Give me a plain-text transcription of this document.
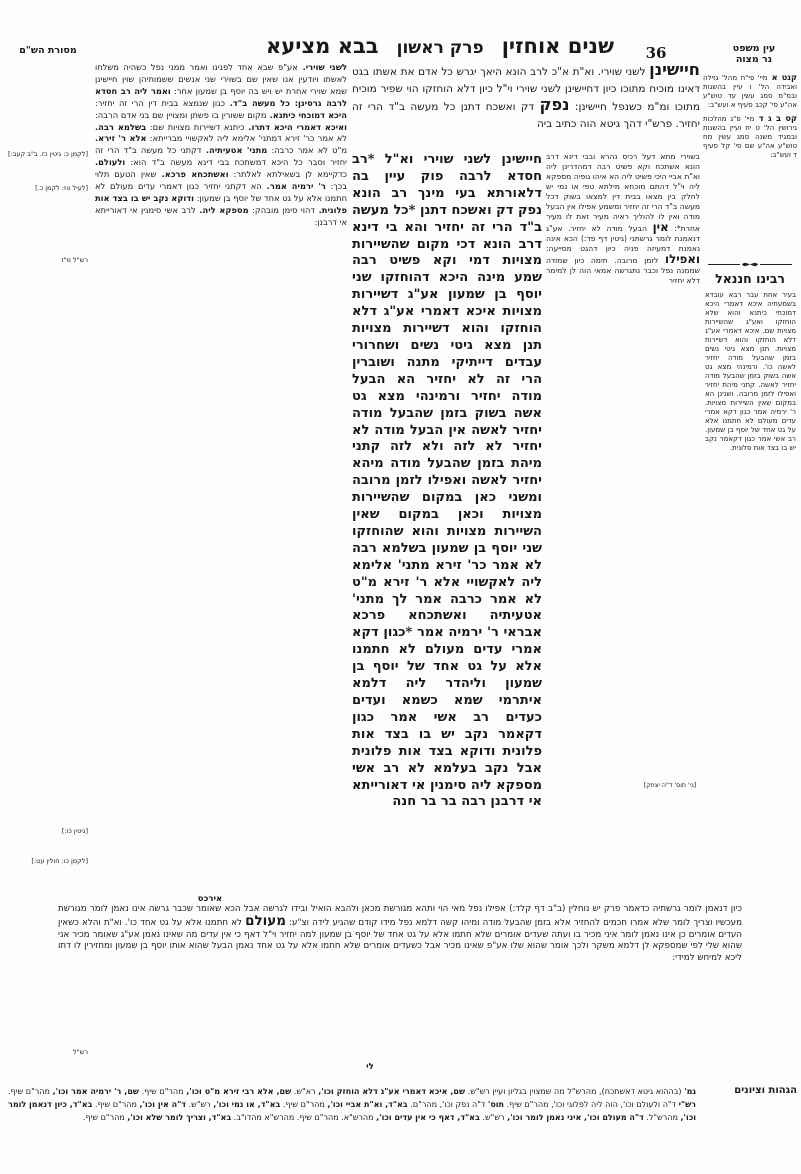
מסורת הש"ם	עין משפט
נר מצוה
שנים אוחזין
פרק ראשון
בבא מציעא	36

קנט א מיי' פי"ח מהל' גזילה ואבידה הל' ו עיין בהשגות ובמ"מ סמג עשין עד טוש"ע אה"ע סי' קכב סעיף א ועש"ב:

קס ב ג ד מיי' פ"ג מהלכות גירושין הל' ט יח ועיין בהשגות ובמגיד משנה סמג עשין מח טוש"ע אה"ע שם סי' קל סעיף ד ועש"ב:

רבינו חננאל
בעיר אחת עבר רבא עובדא בשמעתיה איכא דאמרי היכא דמוכחי כיתנא והוא שלא הוחזקו ואע"ג שהשיירות מצויות שם. איכא דאמרי אע"ג דלא הוחזקו והוא דשיירות מצויות. תנן מצא גיטי נשים בזמן שהבעל מודה יחזיר לאשה כו'. ורמינהי מצא גט אשה בשוק בזמן שהבעל מודה יחזיר לאשה. קתני מיהת יחזיר ואפילו לזמן מרובה. ושנינן הא במקום שאין השיירות מצויות. ר' ירמיה אמר כגון דקא אמרי עדים מעולם לא חתמנו אלא על גט אחד של יוסף בן שמעון. רב אשי אמר כגון דקאמר נקב יש בו בצד אות פלונית.
[גי' תוס' ד"ה יצחק]
[לקמן כ: גיטין כז. ב"ב קעב:]
[לעיל טז: לקמן כ.]
רש"ל מ"ז
[גיטין כו:]
[לקמן כו: חולין עט:]
רש"ל
לשני שוירי. אע"פ שבא אחד לפנינו ואמר ממני נפל כשהיה משלחו לאשתו ויודעין אנו שאין שם בשוירי שני אנשים ששמותיהן שוין חיישינן שמא שוירי אחרת יש ויש בה יוסף בן שמעון אחר: ואמר ליה רב חסדא לרבה גרסינן: כל מעשה ב"ד. כגון שנמצא בבית דין הרי זה יחזיר: היכא דמוכחי כיתנא. מקום ששורין בו פשתן ומצויין שם בני אדם הרבה: ואיכא דאמרי היכא דתרו. כיתנא דשיירות מצויות שם: בשלמא רבה. לא אמר כר' זירא דמתני' אלימא ליה לאקשויי מברייתא: אלא ר' זירא. מ"ט לא אמר כרבה: מתני' אטעיתיה. דקתני כל מעשה ב"ד הרי זה יחזיר וסבר כל היכא דמשתכח בבי דינא מעשה ב"ד הוא: ולעולם. כדקיימא לן בשאילתא לאלתר: ואשתכחא פרכא. שאין הטעם תלוי בכך: ר' ירמיה אמר. הא דקתני יחזיר כגון דאמרי עדים מעולם לא חתמנו אלא על גט אחד של יוסף בן שמעון: ודוקא נקב יש בו בצד אות פלונית. דהוי סימן מובהק: מספקא ליה. לרב אשי סימנין אי דאורייתא אי דרבנן:
אירכס
חיישינן לשני שוירי. וא"ת א"כ לרב הונא היאך יגרש כל אדם את אשתו בגט דאינו מוכיח מתוכו כיון דחיישינן לשני שוירי וי"ל כיון דלא הוחזקו הוי שפיר מוכיח מתוכו ומ"מ כשנפל חיישינן: נפק דק ואשכח דתנן כל מעשה ב"ד הרי זה יחזיר. פרש"י דהך גיטא הוה כתיב ביה
חיישינן לשני שוירי וא"ל *רב חסדא לרבה פוק עיין בה דלאורתא בעי מינך רב הונא נפק דק ואשכח דתנן *כל מעשה ב"ד הרי זה יחזיר והא בי דינא דרב הונא דכי מקום שהשיירות מצויות דמי וקא פשיט רבה שמע מינה היכא דהוחזקו שני יוסף בן שמעון אע"ג דשיירות מצויות איכא דאמרי אע"ג דלא הוחזקו והוא דשיירות מצויות תנן מצא גיטי נשים ושחרורי עבדים דייתיקי מתנה ושוברין הרי זה לא יחזיר הא הבעל מודה יחזיר ורמינהי מצא גט אשה בשוק בזמן שהבעל מודה יחזיר לאשה אין הבעל מודה לא יחזיר לא לזה ולא לזה קתני מיהת בזמן שהבעל מודה מיהא יחזיר לאשה ואפילו לזמן מרובה ומשני כאן במקום שהשיירות מצויות וכאן במקום שאין השיירות מצויות והוא שהוחזקו שני יוסף בן שמעון בשלמא רבה לא אמר כר' זירא מתני' אלימא ליה לאקשויי אלא ר' זירא מ"ט לא אמר כרבה אמר לך מתני' אטעיתיה ואשתכחא פרכא אבראי ר' ירמיה אמר *כגון דקא אמרי עדים מעולם לא חתמנו אלא על גט אחד של יוסף בן שמעון וליהדר ליה דלמא איתרמי שמא כשמא ועדים כעדים רב אשי אמר כגון דקאמר נקב יש בו בצד אות פלונית ודוקא בצד אות פלונית אבל נקב בעלמא לא רב אשי מספקא ליה סימנין אי דאורייתא אי דרבנן רבה בר בר חנה
בשוירי מתא דעל רכיס נהרא ובבי דינא דרב הונא אשתכח וקא פשיט רבה דמהדרינן ליה וא"ת אביי היכי פשיט ליה הא איהו גופיה מספקא ליה וי"ל דהתם מוכחא מילתא טפי או נמי יש לחלק בין מצאו בבית דין למצאו בשוק דכל מעשה ב"ד הרי זה יחזיר ומשמע אפילו אין הבעל מודה ואין לו להוליך ראיה מעיר זאת לו מעיר אחרת*: אין הבעל מודה לא יחזיר. אע"ג דנאמנת לומר גרשתני (גיטין דף פד:) הכא אינה נאמנת דמעיזה פניה כיון דהגט מסייעה: ואפילו לזמן מרובה. תימה כיון שמודה שממנה נפל וכבר נתגרשה אמאי הוה לן למימר דלא יחזיר
כיון דנאמן לומר גרשתיה כדאמר פרק יש נוחלין (ב"ב דף קלד:) אפילו נפל מאי הוי ותהא מגורשת מכאן ולהבא הואיל ובידו לגרשה אבל הכא שאומר שכבר גרשה אינו נאמן לומר מגורשת מעכשיו וצריך לומר שלא אמרו חכמים להחזיר אלא בזמן שהבעל מודה ומיהו קשה דלמא נפל מידו קודם שהגיע לידה וצ"ע: מעולם לא חתמנו אלא על גט אחד כו'. וא"ת והלא כשאין העדים אומרים כן אינו נאמן לומר איני מכיר בו ועתה שעדים אומרים שלא חתמו אלא על גט אחד של יוסף בן שמעון למה יחזיר וי"ל דאף כי אין עדים מה שאינו נאמן אע"ג שאומר מכיר אני שהוא שלי לפי שמספקא לן דלמא משקר ולכך אומר שהוא שלו אע"פ שאינו מכיר אבל כשעדים אומרים שלא חתמו אלא על גט אחד נאמן הבעל שהוא אותו יוסף בן שמעון ומחזירין לו דתו ליכא למיחש למידי:
לי
הגהות וציונים
גמ' (בההוא גיטא דאשתכח), מהרש"ל מה שמצוין בגליון ועיין רש"ש. שם, איכא דאמרי אע"ג דלא הוחזק וכו', רא"ש. שם, אלא רבי זירא מ"ט וכו', מהר"ם שיף. שם, ר' ירמיה אמר וכו', מהר"ם שיף. רש"י ד"ה ולעולם וכו', הוה ליה לפלוגי וכו', מהר"ם שיף. תוס' ד"ה נפק וכו', מהר"ם. בא"ד, וא"ת אביי וכו', מהר"ם שיף. בא"ד, או נמי וכו', רש"ש. ד"ה אין וכו', מהר"ם שיף. בא"ד, כיון דנאמן לומר וכו', מהרש"ל. ד"ה מעולם וכו', איני נאמן לומר וכו', רש"ש. בא"ד, דאף כי אין עדים וכו', מהרש"א. מהר"ם שיף. מהרש"א מהדו"ב. בא"ד, וצריך לומר שלא וכו', מהר"ם שיף.
